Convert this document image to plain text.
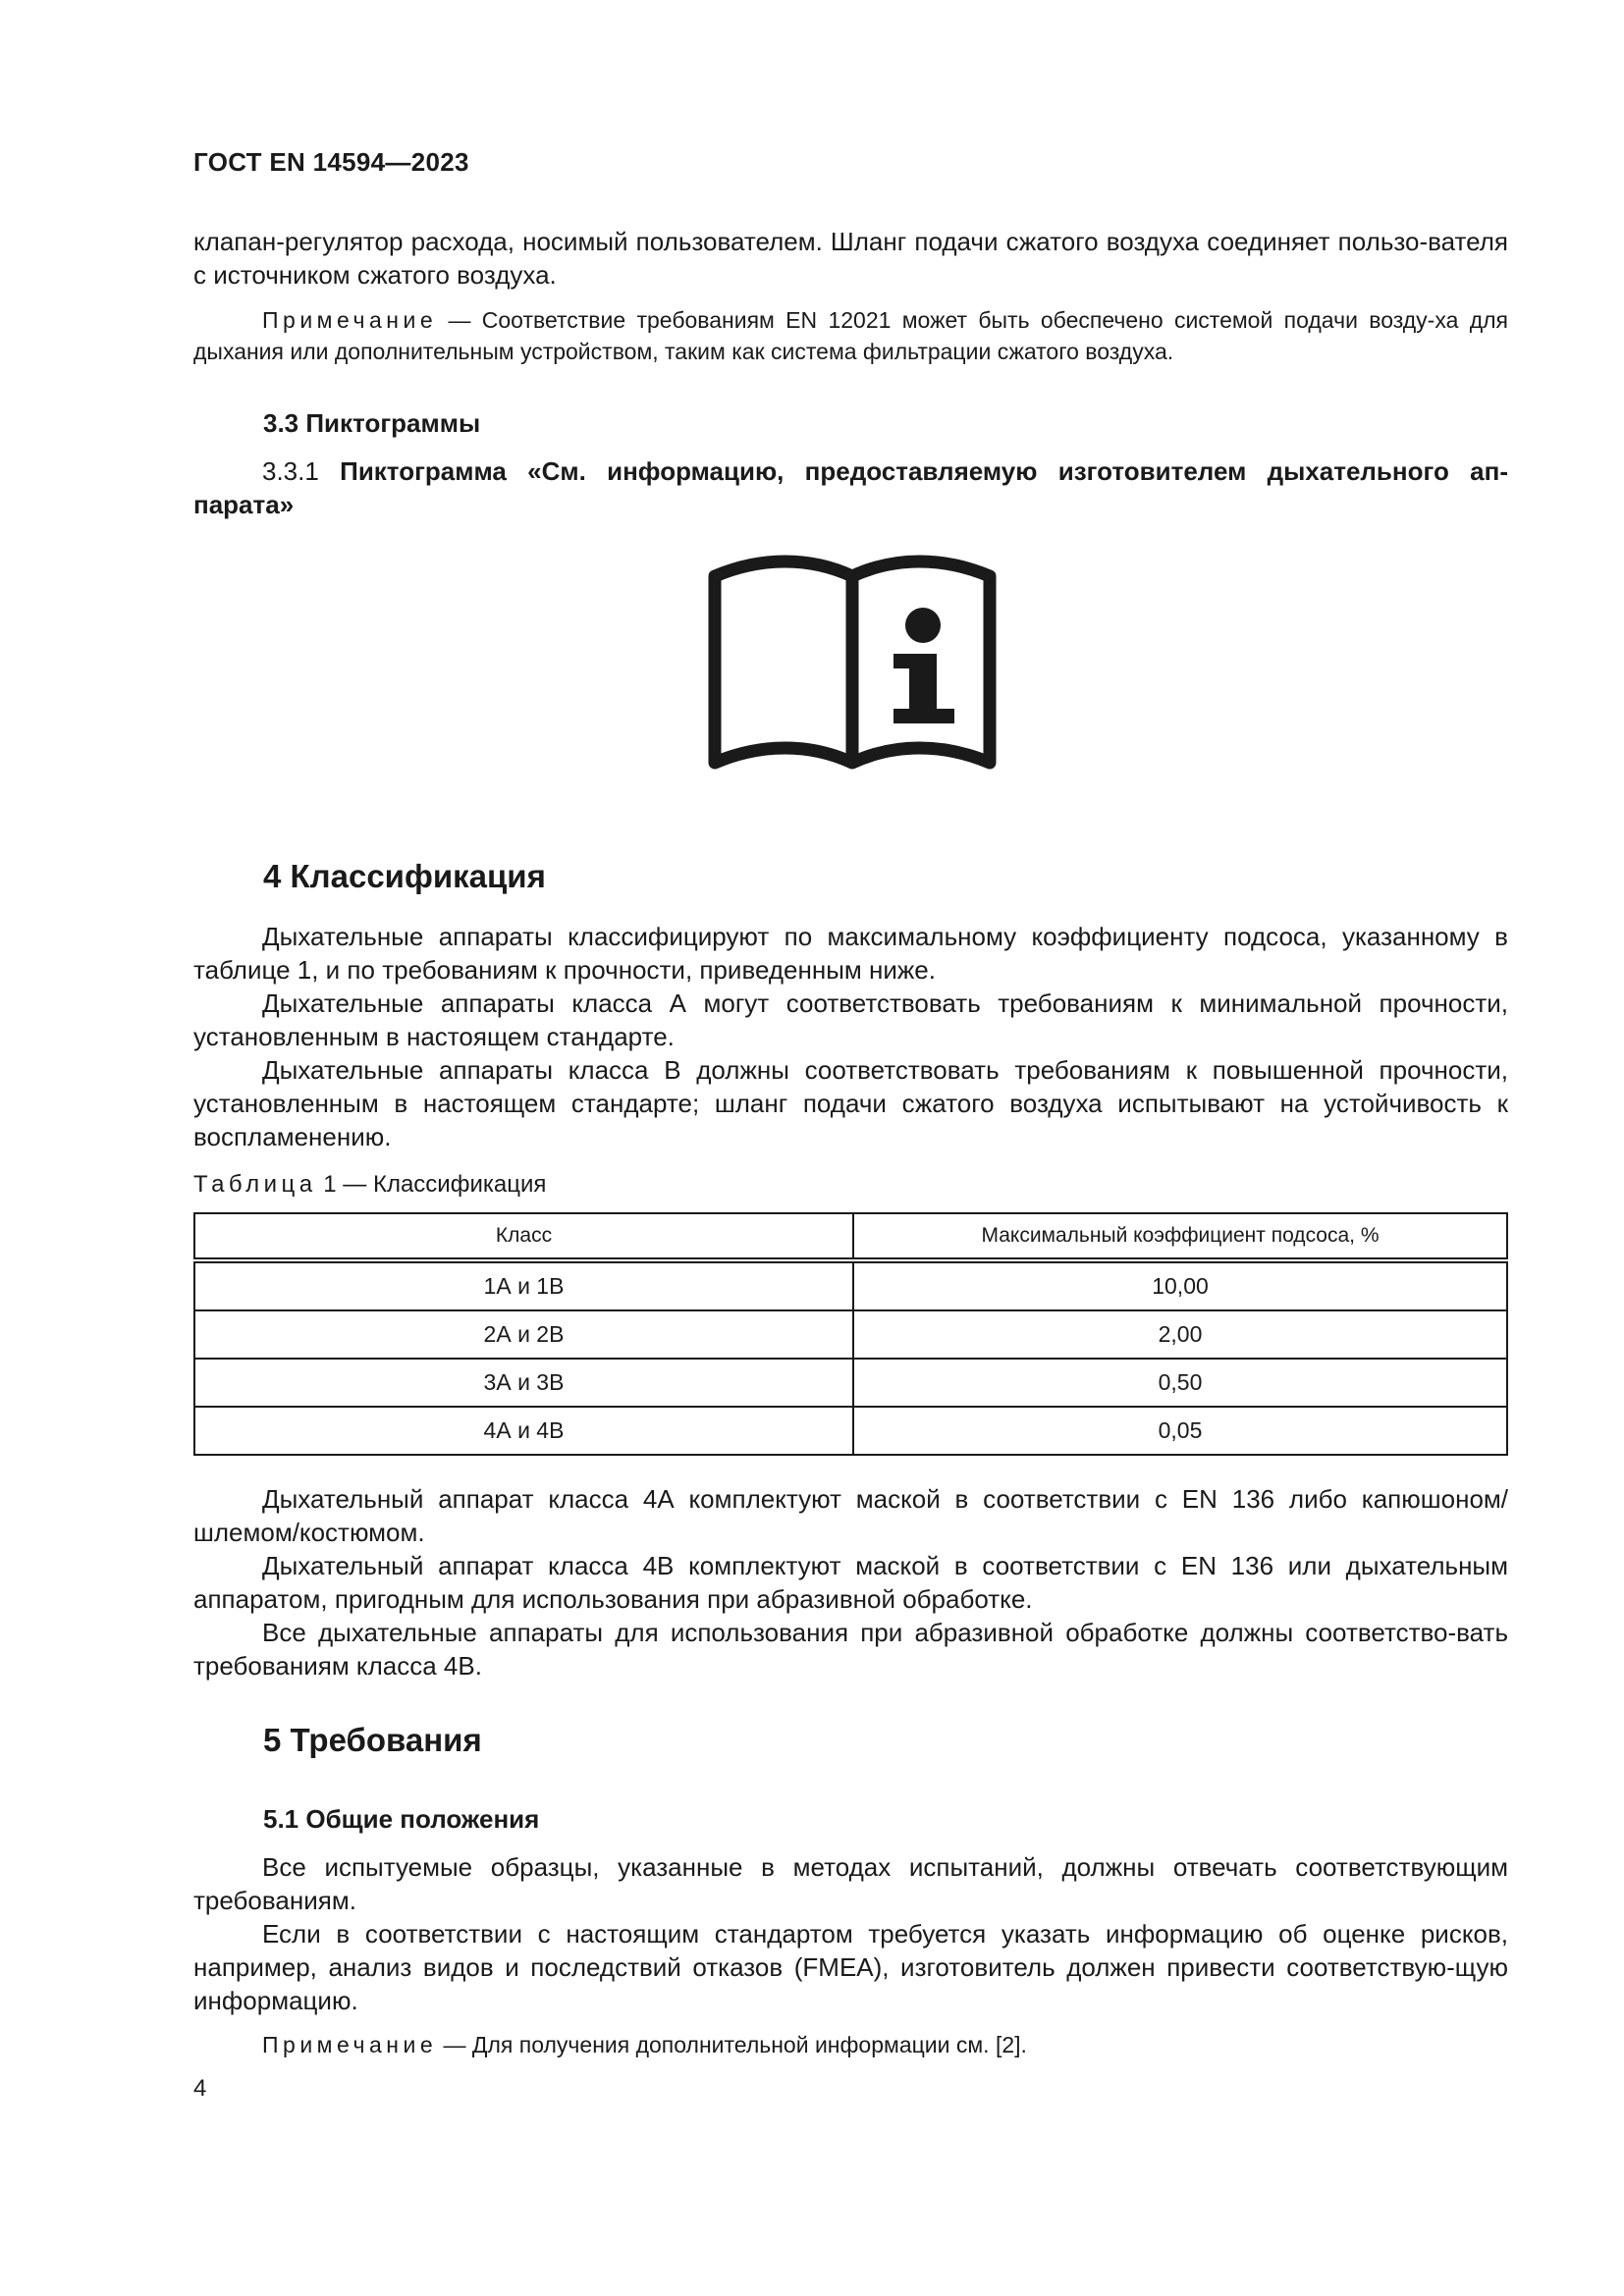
ГОСТ EN 14594—2023

клапан-регулятор расхода, носимый пользователем. Шланг подачи сжатого воздуха соединяет пользо-вателя с источником сжатого воздуха.

Примечание — Соответствие требованиям EN 12021 может быть обеспечено системой подачи возду-ха для дыхания или дополнительным устройством, таким как система фильтрации сжатого воздуха.

3.3 Пиктограммы

3.3.1 Пиктограмма «См. информацию, предоставляемую изготовителем дыхательного ап-парата»

4 Классификация

Дыхательные аппараты классифицируют по максимальному коэффициенту подсоса, указанному в таблице 1, и по требованиям к прочности, приведенным ниже.

Дыхательные аппараты класса А могут соответствовать требованиям к минимальной прочности, установленным в настоящем стандарте.

Дыхательные аппараты класса В должны соответствовать требованиям к повышенной прочности, установленным в настоящем стандарте; шланг подачи сжатого воздуха испытывают на устойчивость к воспламенению.

Таблица 1 — Классификация
Класс	Максимальный коэффициент подсоса, %
1А и 1В	10,00
2А и 2В	2,00
3А и 3В	0,50
4А и 4В	0,05

Дыхательный аппарат класса 4А комплектуют маской в соответствии с EN 136 либо капюшоном/шлемом/костюмом.

Дыхательный аппарат класса 4В комплектуют маской в соответствии с EN 136 или дыхательным аппаратом, пригодным для использования при абразивной обработке.

Все дыхательные аппараты для использования при абразивной обработке должны соответство-вать требованиям класса 4В.

5 Требования
5.1 Общие положения

Все испытуемые образцы, указанные в методах испытаний, должны отвечать соответствующим требованиям.

Если в соответствии с настоящим стандартом требуется указать информацию об оценке рисков, например, анализ видов и последствий отказов (FMEA), изготовитель должен привести соответствую-щую информацию.

Примечание — Для получения дополнительной информации см. [2].

4
